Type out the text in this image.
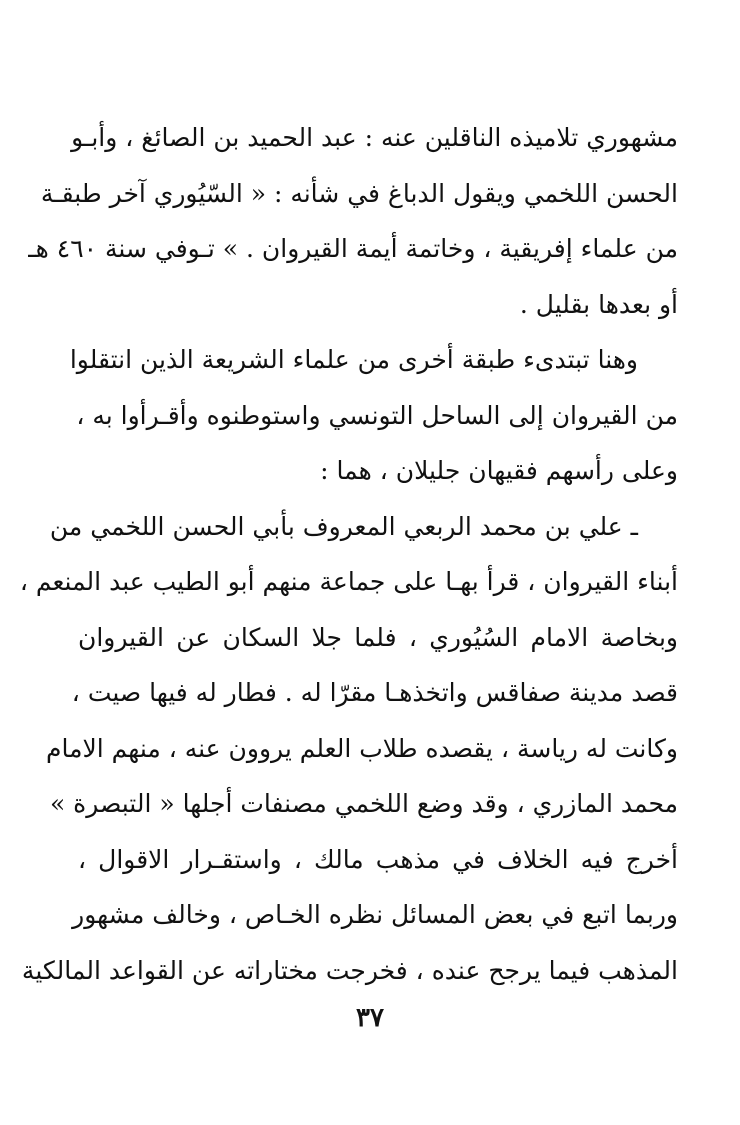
مشهوري تلاميذه الناقلين عنه : عبد الحميد بن الصائغ ، وأبـو
الحسن اللخمي ويقول الدباغ في شأنه : « السّيُوري آخر طبقـة
من علماء إفريقية ، وخاتمة أيمة القيروان . » تـوفي سنة ٤٦٠ هـ
أو بعدها بقليل .
وهنا تبتدىء طبقة أخرى من علماء الشريعة الذين انتقلوا
من القيروان إلى الساحل التونسي واستوطنوه وأقـرأوا به ،
وعلى رأسهم فقيهان جليلان ، هما :
ـ علي بن محمد الربعي المعروف بأبي الحسن اللخمي من
أبناء القيروان ، قرأ بهـا على جماعة منهم أبو الطيب عبد المنعم ،
وبخاصة الامام السُيُوري ، فلما جلا السكان عن القيروان
قصد مدينة صفاقس واتخذهـا مقرّا له . فطار له فيها صيت ،
وكانت له رياسة ، يقصده طلاب العلم يروون عنه ، منهم الامام
محمد المازري ، وقد وضع اللخمي مصنفات أجلها « التبصرة »
أخرج فيه الخلاف في مذهب مالك ، واستقـرار الاقوال ،
وربما اتبع في بعض المسائل نظره الخـاص ، وخالف مشهور
المذهب فيما يرجح عنده ، فخرجت مختاراته عن القواعد المالكية
٣٧
